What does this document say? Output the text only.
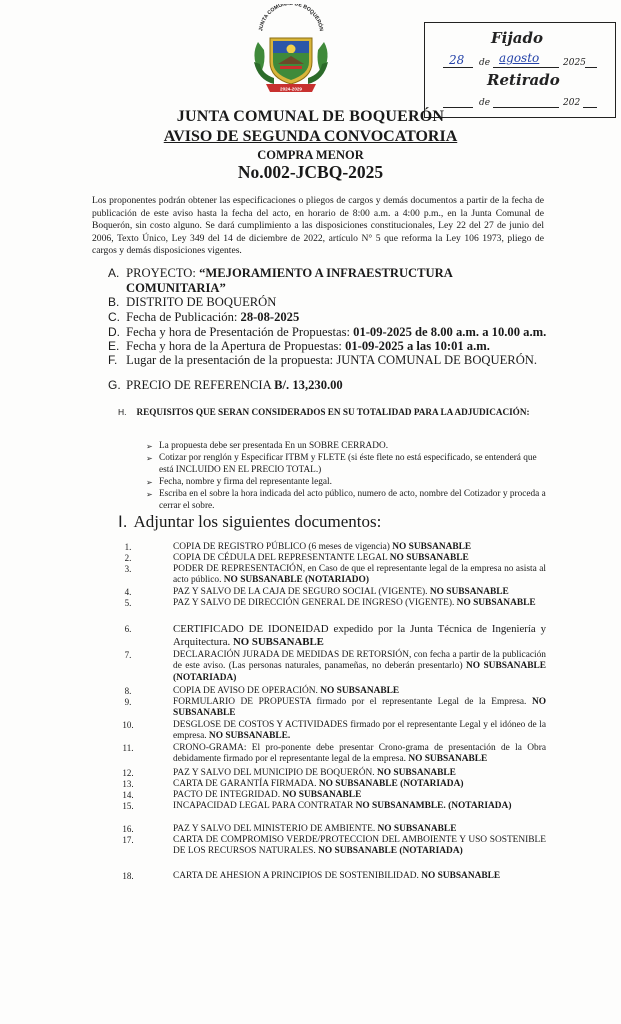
JUNTA COMUNAL DE BOQUERÓN
2024-2029
Fijado
28 de agosto	2025
Retirado
de	202
JUNTA COMUNAL DE BOQUERÓN
AVISO DE SEGUNDA CONVOCATORIA
COMPRA MENOR
No.002-JCBQ-2025
Los proponentes podrán obtener las especificaciones o pliegos de cargos y demás documentos a partir de la fecha de publicación de este aviso hasta la fecha del acto, en horario de 8:00 a.m. a 4:00 p.m., en la Junta Comunal de Boquerón, sin costo alguno. Se dará cumplimiento a las disposiciones constitucionales, Ley 22 del 27 de junio del 2006, Texto Único, Ley 349 del 14 de diciembre de 2022, artículo N° 5 que reforma la Ley 106 1973, pliego de cargos y demás disposiciones vigentes.
A. PROYECTO: “MEJORAMIENTO A INFRAESTRUCTURA
COMUNITARIA”
B. DISTRITO DE BOQUERÓN
C. Fecha de Publicación: 28-08-2025
D. Fecha y hora de Presentación de Propuestas: 01-09-2025 de 8.00 a.m. a 10.00 a.m.
E. Fecha y hora de la Apertura de Propuestas: 01-09-2025 a las 10:01 a.m.
F. Lugar de la presentación de la propuesta: JUNTA COMUNAL DE BOQUERÓN.
G. PRECIO DE REFERENCIA B/. 13,230.00
H. REQUISITOS QUE SERAN CONSIDERADOS EN SU TOTALIDAD PARA LA ADJUDICACIÓN:
➢ La propuesta debe ser presentada En un SOBRE CERRADO.
➢ Cotizar por renglón y Especificar ITBM y FLETE (si éste flete no está especificado, se entenderá que está INCLUIDO EN EL PRECIO TOTAL.)
➢ Fecha, nombre y firma del representante legal.
➢ Escriba en el sobre la hora indicada del acto público, numero de acto, nombre del Cotizador y proceda a cerrar el sobre.
I. Adjuntar los siguientes documentos:
1.	COPIA DE REGISTRO PÚBLICO (6 meses de vigencia) NO SUBSANABLE
2.	COPIA DE CÉDULA DEL REPRESENTANTE LEGAL NO SUBSANABLE
3.	PODER DE REPRESENTACIÓN, en Caso de que el representante legal de la empresa no asista al acto público. NO SUBSANABLE (NOTARIADO)
4.	PAZ Y SALVO DE LA CAJA DE SEGURO SOCIAL (VIGENTE). NO SUBSANABLE
5.	PAZ Y SALVO DE DIRECCIÓN GENERAL DE INGRESO (VIGENTE). NO SUBSANABLE
6.	CERTIFICADO DE IDONEIDAD expedido por la Junta Técnica de Ingeniería y Arquitectura. NO SUBSANABLE
7.	DECLARACIÓN JURADA DE MEDIDAS DE RETORSIÓN, con fecha a partir de la publicación de este aviso. (Las personas naturales, panameñas, no deberán presentarlo) NO SUBSANABLE (NOTARIADA)
8.	COPIA DE AVISO DE OPERACIÓN. NO SUBSANABLE
9.	FORMULARIO DE PROPUESTA firmado por el representante Legal de la Empresa. NO SUBSANABLE
10.	DESGLOSE DE COSTOS Y ACTIVIDADES firmado por el representante Legal y el idóneo de la empresa. NO SUBSANABLE.
11.	CRONO-GRAMA: El pro-ponente debe presentar Crono-grama de presentación de la Obra debidamente firmado por el representante legal de la empresa. NO SUBSANABLE
12.	PAZ Y SALVO DEL MUNICIPIO DE BOQUERÓN. NO SUBSANABLE
13.	CARTA DE GARANTÍA FIRMADA. NO SUBSANABLE (NOTARIADA)
14.	PACTO DE INTEGRIDAD. NO SUBSANABLE
15.	INCAPACIDAD LEGAL PARA CONTRATAR NO SUBSANAMBLE. (NOTARIADA)
16.	PAZ Y SALVO DEL MINISTERIO DE AMBIENTE. NO SUBSANABLE
17.	CARTA DE COMPROMISO VERDE/PROTECCION DEL AMBOIENTE Y USO SOSTENIBLE DE LOS RECURSOS NATURALES. NO SUBSANABLE (NOTARIADA)
18.	CARTA DE AHESION A PRINCIPIOS DE SOSTENIBILIDAD. NO SUBSANABLE
